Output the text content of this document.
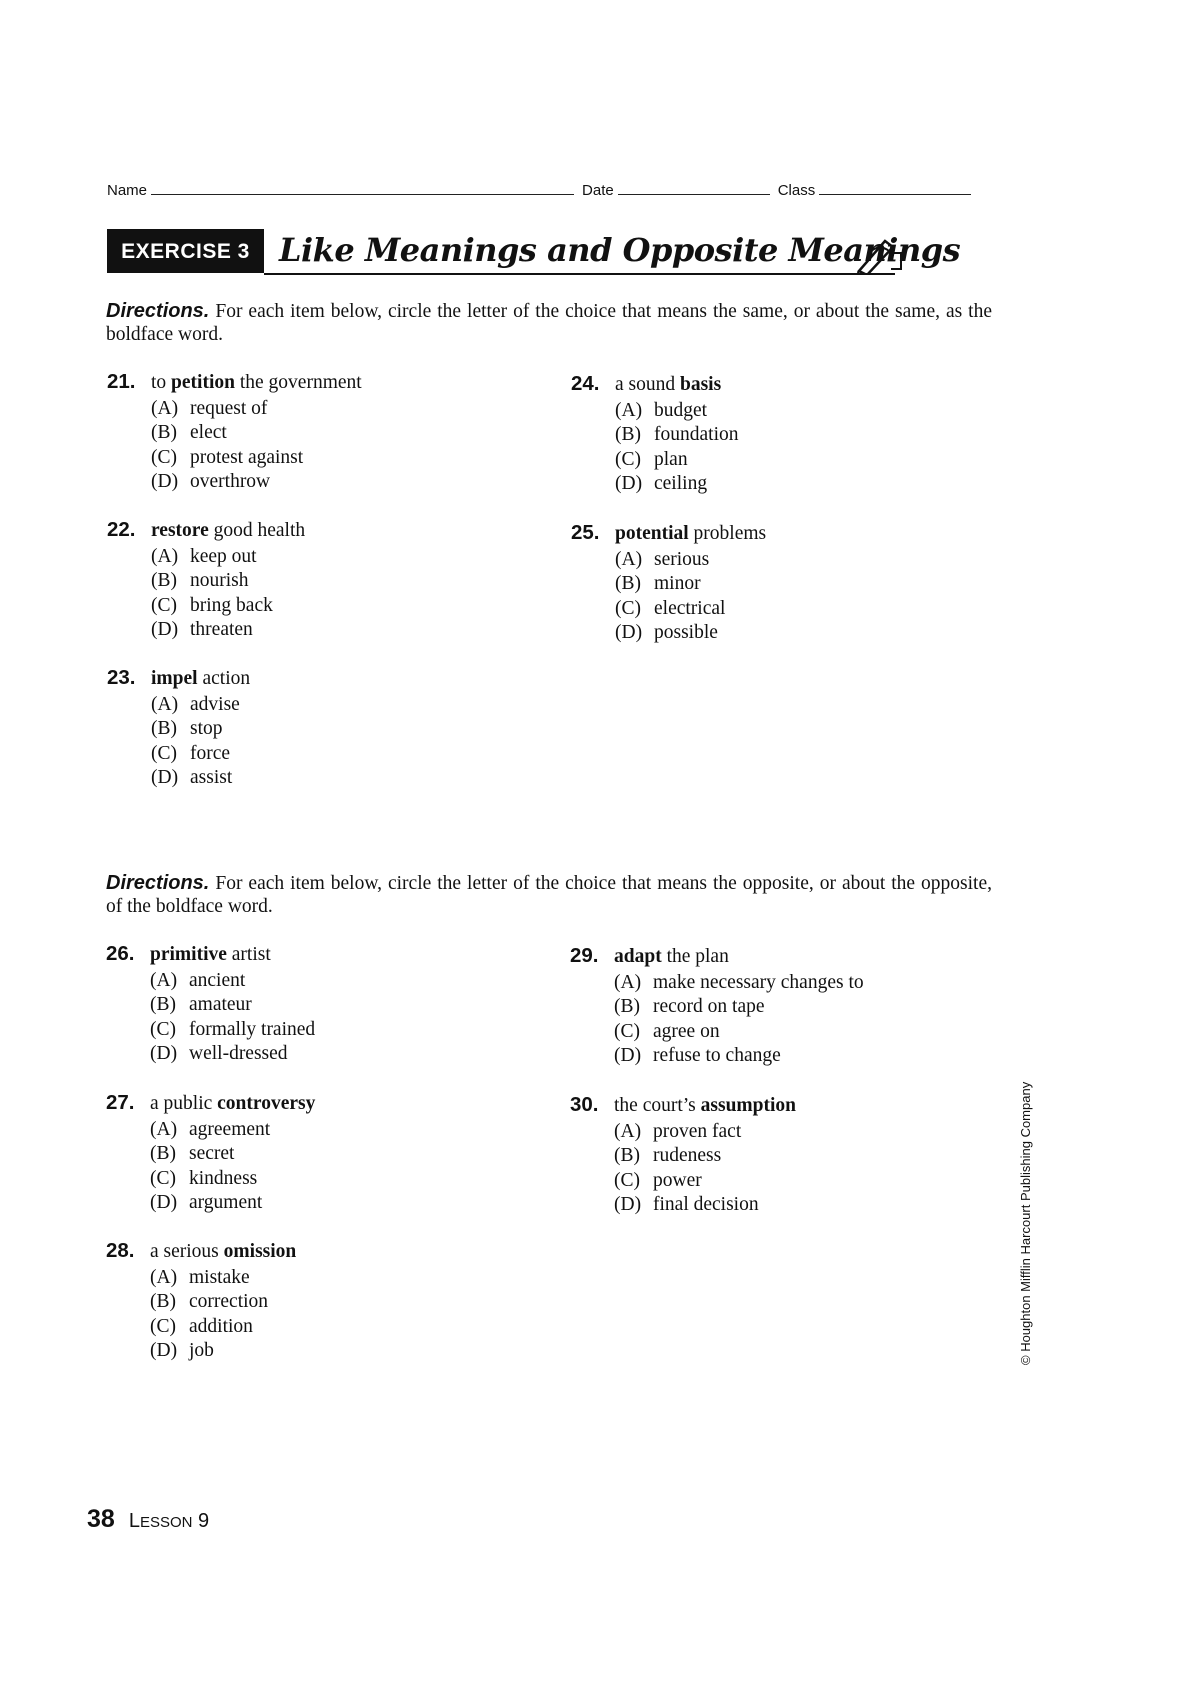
Name	Date	Class
EXERCISE 3 Like Meanings and Opposite Meanings
Directions. For each item below, circle the letter of the choice that means the same, or about the same, as the boldface word.
21. to petition the government
(A) request of
(B) elect
(C) protest against
(D) overthrow
22. restore good health
(A) keep out
(B) nourish
(C) bring back
(D) threaten
23. impel action
(A) advise
(B) stop
(C) force
(D) assist
24. a sound basis
(A) budget
(B) foundation
(C) plan
(D) ceiling
25. potential problems
(A) serious
(B) minor
(C) electrical
(D) possible
Directions. For each item below, circle the letter of the choice that means the opposite, or about the opposite, of the boldface word.
26. primitive artist
(A) ancient
(B) amateur
(C) formally trained
(D) well-dressed
27. a public controversy
(A) agreement
(B) secret
(C) kindness
(D) argument
28. a serious omission
(A) mistake
(B) correction
(C) addition
(D) job
29. adapt the plan
(A) make necessary changes to
(B) record on tape
(C) agree on
(D) refuse to change
30. the court’s assumption
(A) proven fact
(B) rudeness
(C) power
(D) final decision	© Houghton Mifflin Harcourt Publishing Company
38 LESSON 9
